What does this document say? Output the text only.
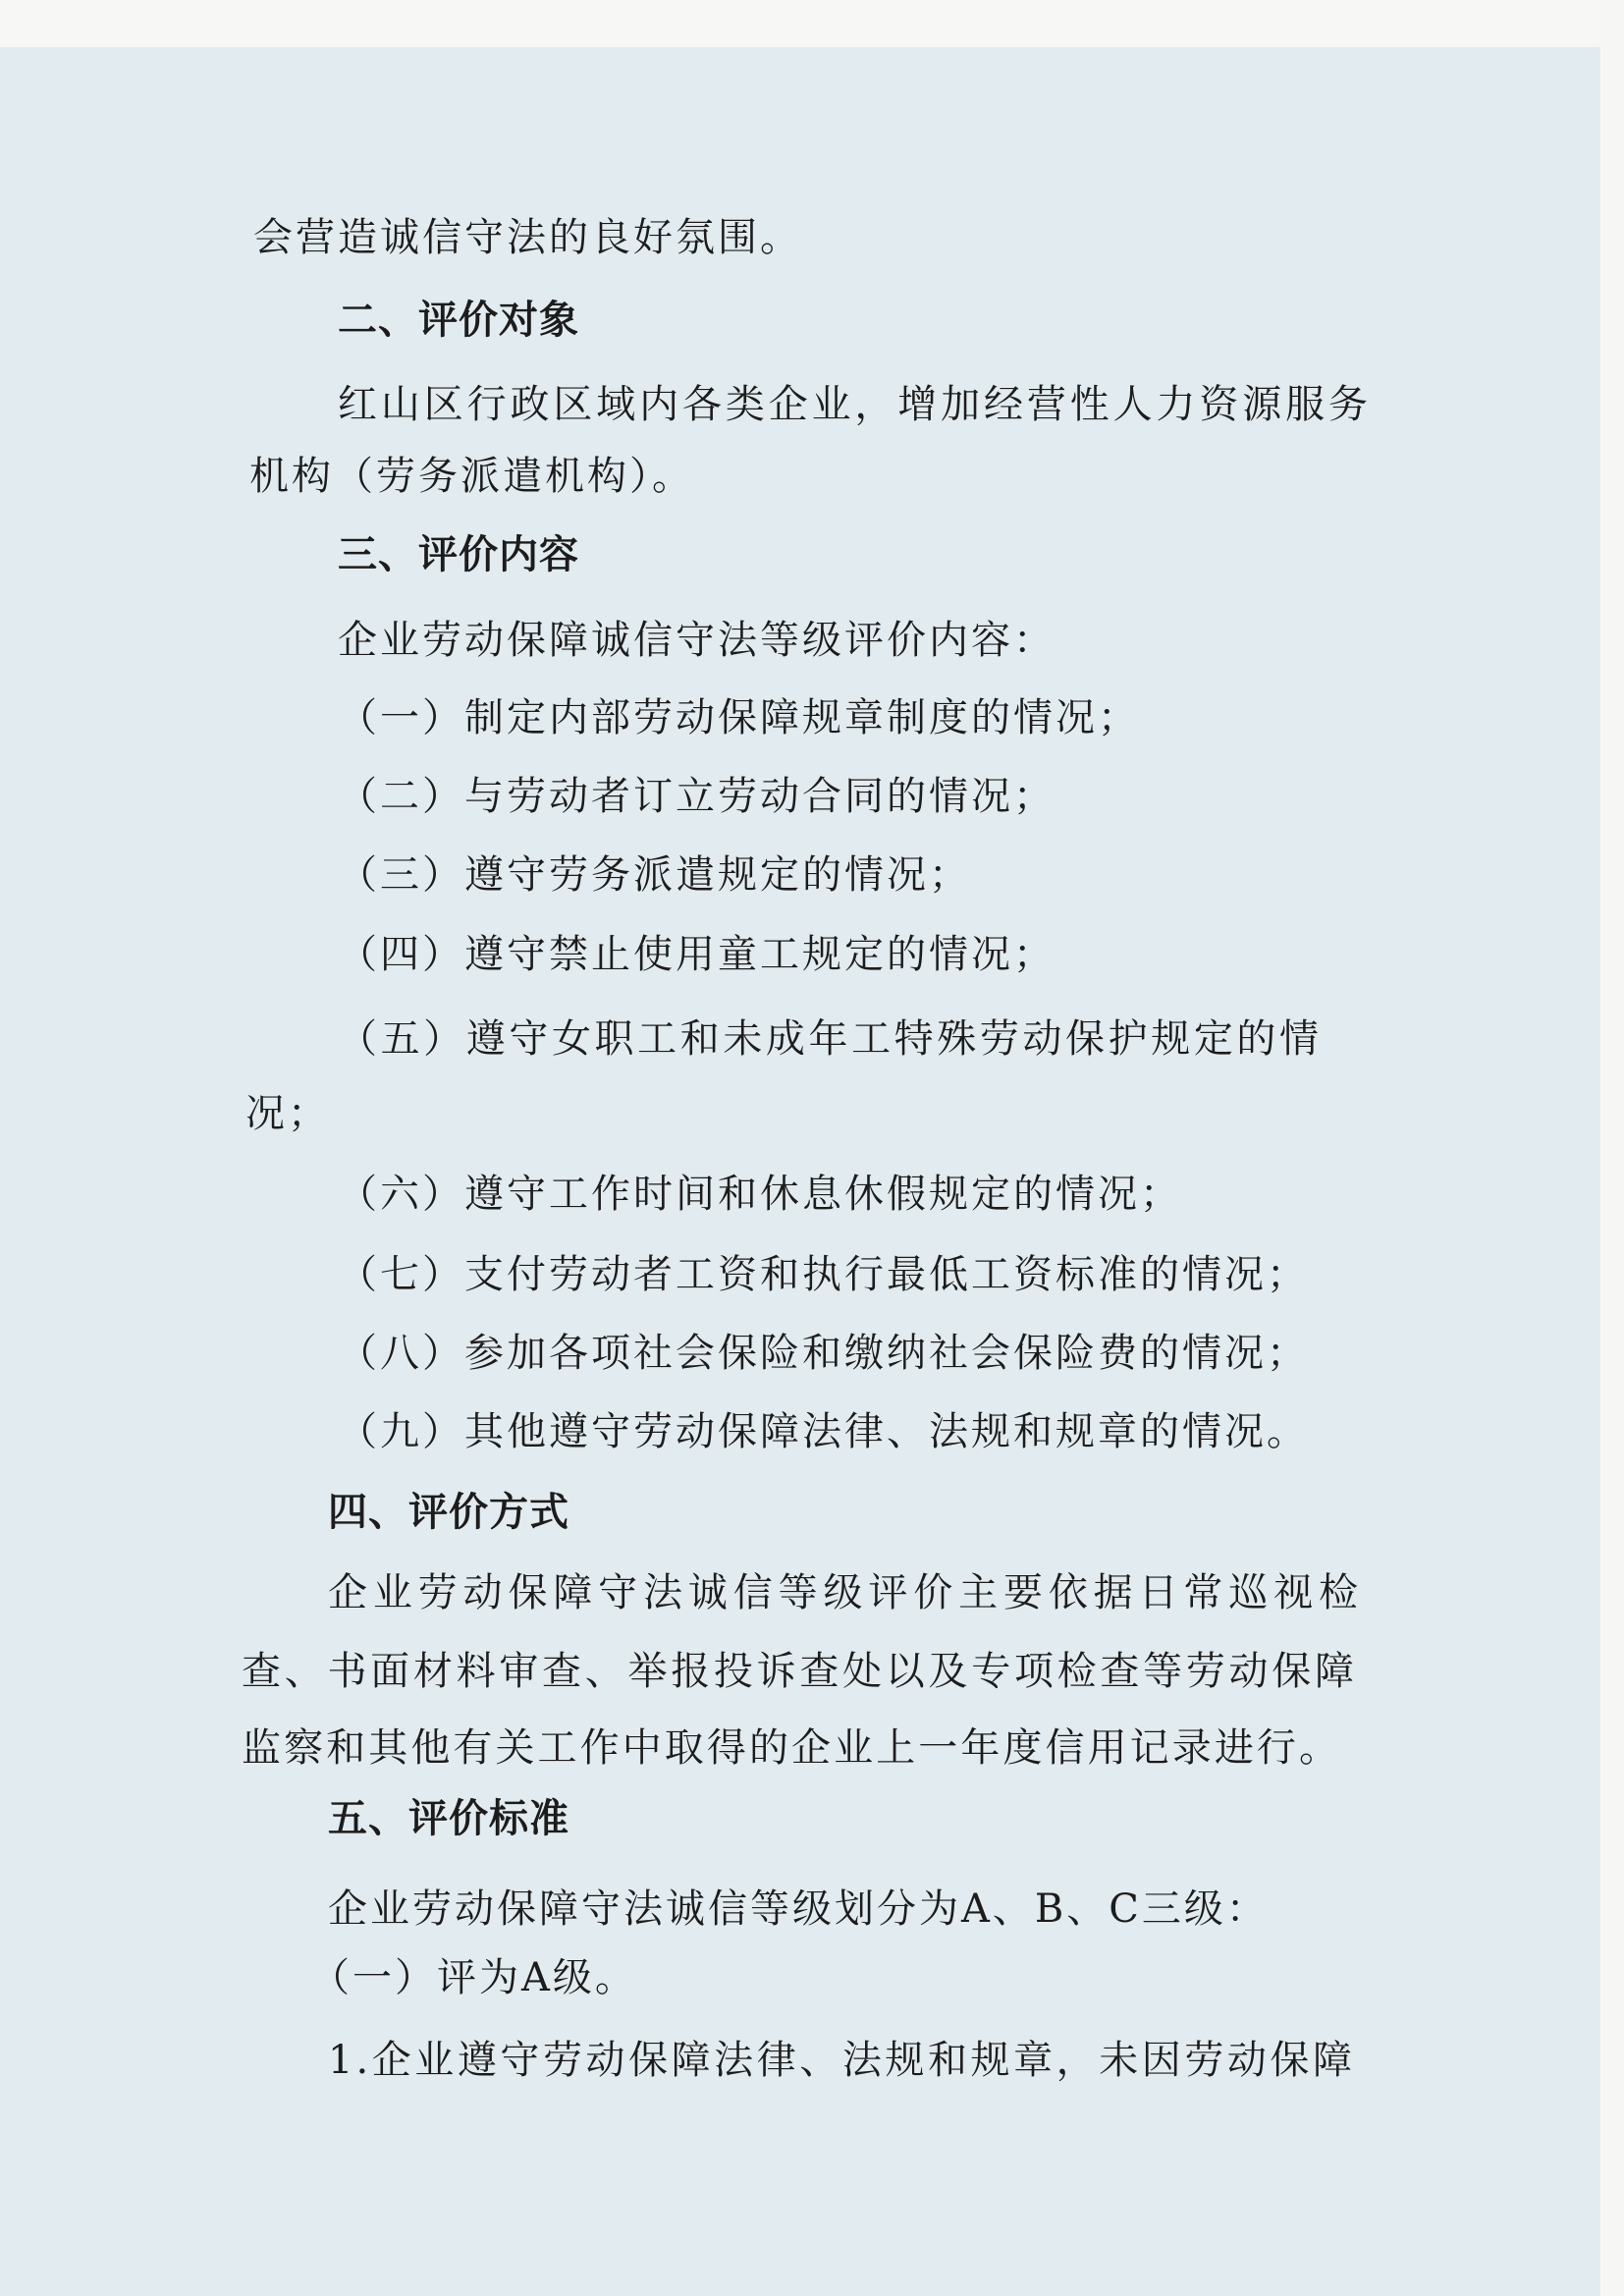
会营造诚信守法的良好氛围。

二、评价对象

红山区行政区域内各类企业，增加经营性人力资源服务

机构（劳务派遣机构）。

三、评价内容

企业劳动保障诚信守法等级评价内容：

（一）制定内部劳动保障规章制度的情况；

（二）与劳动者订立劳动合同的情况；

（三）遵守劳务派遣规定的情况；

（四）遵守禁止使用童工规定的情况；

（五）遵守女职工和未成年工特殊劳动保护规定的情

况；

（六）遵守工作时间和休息休假规定的情况；

（七）支付劳动者工资和执行最低工资标准的情况；

（八）参加各项社会保险和缴纳社会保险费的情况；

（九）其他遵守劳动保障法律、法规和规章的情况。

四、评价方式

企业劳动保障守法诚信等级评价主要依据日常巡视检

查、书面材料审查、举报投诉查处以及专项检查等劳动保障

监察和其他有关工作中取得的企业上一年度信用记录进行。

五、评价标准

企业劳动保障守法诚信等级划分为A、B、C三级：

（一）评为A级。

1.企业遵守劳动保障法律、法规和规章，未因劳动保障
